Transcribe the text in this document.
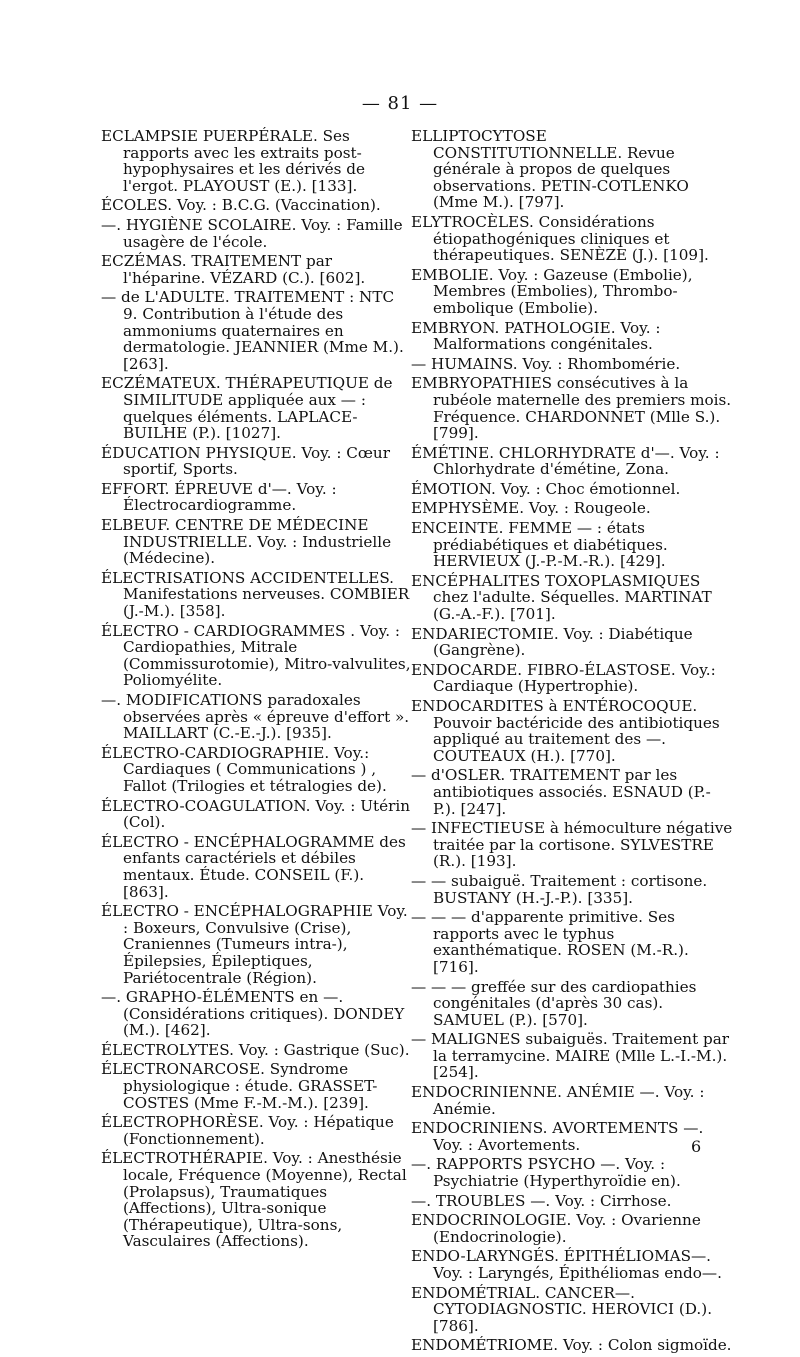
— 81 —

ECLAMPSIE PUERPÉRALE. Ses rapports avec les extraits post-hypophysaires et les dérivés de l'ergot. PLAYOUST (E.). [133].

ÉCOLES. Voy. : B.C.G. (Vaccination).

—. HYGIÈNE SCOLAIRE. Voy. : Famille usagère de l'école.

ECZÉMAS. TRAITEMENT par l'héparine. VÉZARD (C.). [602].

— de L'ADULTE. TRAITEMENT : NTC 9. Contribution à l'étude des ammoniums quaternaires en dermatologie. JEANNIER (Mme M.). [263].

ECZÉMATEUX. THÉRAPEUTIQUE de SIMILITUDE appliquée aux — : quelques éléments. LAPLACE-BUILHE (P.). [1027].

ÉDUCATION PHYSIQUE. Voy. : Cœur sportif, Sports.

EFFORT. ÉPREUVE d'—. Voy. : Électrocardiogramme.

ELBEUF. CENTRE DE MÉDECINE INDUSTRIELLE. Voy. : Industrielle (Médecine).

ÉLECTRISATIONS ACCIDENTELLES. Manifestations nerveuses. COMBIER (J.-M.). [358].

ÉLECTRO - CARDIOGRAMMES . Voy. : Cardiopathies, Mitrale (Commissurotomie), Mitro-valvulites, Poliomyélite.

—. MODIFICATIONS paradoxales observées après « épreuve d'effort ». MAILLART (C.-E.-J.). [935].

ÉLECTRO-CARDIOGRAPHIE. Voy.: Cardiaques ( Communications ) , Fallot (Trilogies et tétralogies de).

ÉLECTRO-COAGULATION. Voy. : Utérin (Col).

ÉLECTRO - ENCÉPHALOGRAMME des enfants caractériels et débiles mentaux. Étude. CONSEIL (F.). [863].

ÉLECTRO - ENCÉPHALOGRAPHIE Voy. : Boxeurs, Convulsive (Crise), Craniennes (Tumeurs intra-), Épilepsies, Épileptiques, Pariétocentrale (Région).

—. GRAPHO-ÉLÉMENTS en —. (Considérations critiques). DONDEY (M.). [462].

ÉLECTROLYTES. Voy. : Gastrique (Suc).

ÉLECTRONARCOSE. Syndrome physiologique : étude. GRASSET-COSTES (Mme F.-M.-M.). [239].

ÉLECTROPHORÈSE. Voy. : Hépatique (Fonctionnement).

ÉLECTROTHÉRAPIE. Voy. : Anesthésie locale, Fréquence (Moyenne), Rectal (Prolapsus), Traumatiques (Affections), Ultra-sonique (Thérapeutique), Ultra-sons, Vasculaires (Affections).

ELLIPTOCYTOSE CONSTITUTIONNELLE. Revue générale à propos de quelques observations. PETIN-COTLENKO (Mme M.). [797].

ELYTROCÈLES. Considérations étiopathogéniques cliniques et thérapeutiques. SENÈZE (J.). [109].

EMBOLIE. Voy. : Gazeuse (Embolie), Membres (Embolies), Thrombo-embolique (Embolie).

EMBRYON. PATHOLOGIE. Voy. : Malformations congénitales.

— HUMAINS. Voy. : Rhombomérie.

EMBRYOPATHIES consécutives à la rubéole maternelle des premiers mois. Fréquence. CHARDONNET (Mlle S.). [799].

ÉMÉTINE. CHLORHYDRATE d'—. Voy. : Chlorhydrate d'émétine, Zona.

ÉMOTION. Voy. : Choc émotionnel.

EMPHYSÈME. Voy. : Rougeole.

ENCEINTE. FEMME — : états prédiabétiques et diabétiques. HERVIEUX (J.-P.-M.-R.). [429].

ENCÉPHALITES TOXOPLASMIQUES chez l'adulte. Séquelles. MARTINAT (G.-A.-F.). [701].

ENDARIECTOMIE. Voy. : Diabétique (Gangrène).

ENDOCARDE. FIBRO-ÉLASTOSE. Voy.: Cardiaque (Hypertrophie).

ENDOCARDITES à ENTÉROCOQUE. Pouvoir bactéricide des antibiotiques appliqué au traitement des —. COUTEAUX (H.). [770].

— d'OSLER. TRAITEMENT par les antibiotiques associés. ESNAUD (P.-P.). [247].

— INFECTIEUSE à hémoculture négative traitée par la cortisone. SYLVESTRE (R.). [193].

— — subaiguë. Traitement : cortisone. BUSTANY (H.-J.-P.). [335].

— — — d'apparente primitive. Ses rapports avec le typhus exanthématique. ROSEN (M.-R.). [716].

— — — greffée sur des cardiopathies congénitales (d'après 30 cas). SAMUEL (P.). [570].

— MALIGNES subaiguës. Traitement par la terramycine. MAIRE (Mlle L.-I.-M.). [254].

ENDOCRINIENNE. ANÉMIE —. Voy. : Anémie.

ENDOCRINIENS. AVORTEMENTS —. Voy. : Avortements.

—. RAPPORTS PSYCHO —. Voy. : Psychiatrie (Hyperthyroïdie en).

—. TROUBLES —. Voy. : Cirrhose.

ENDOCRINOLOGIE. Voy. : Ovarienne (Endocrinologie).

ENDO-LARYNGÉS. ÉPITHÉLIOMAS—. Voy. : Laryngés, Épithéliomas endo—.

ENDOMÉTRIAL. CANCER—. CYTODIAGNOSTIC. HEROVICI (D.). [786].

ENDOMÉTRIOME. Voy. : Colon sigmoïde.

6
